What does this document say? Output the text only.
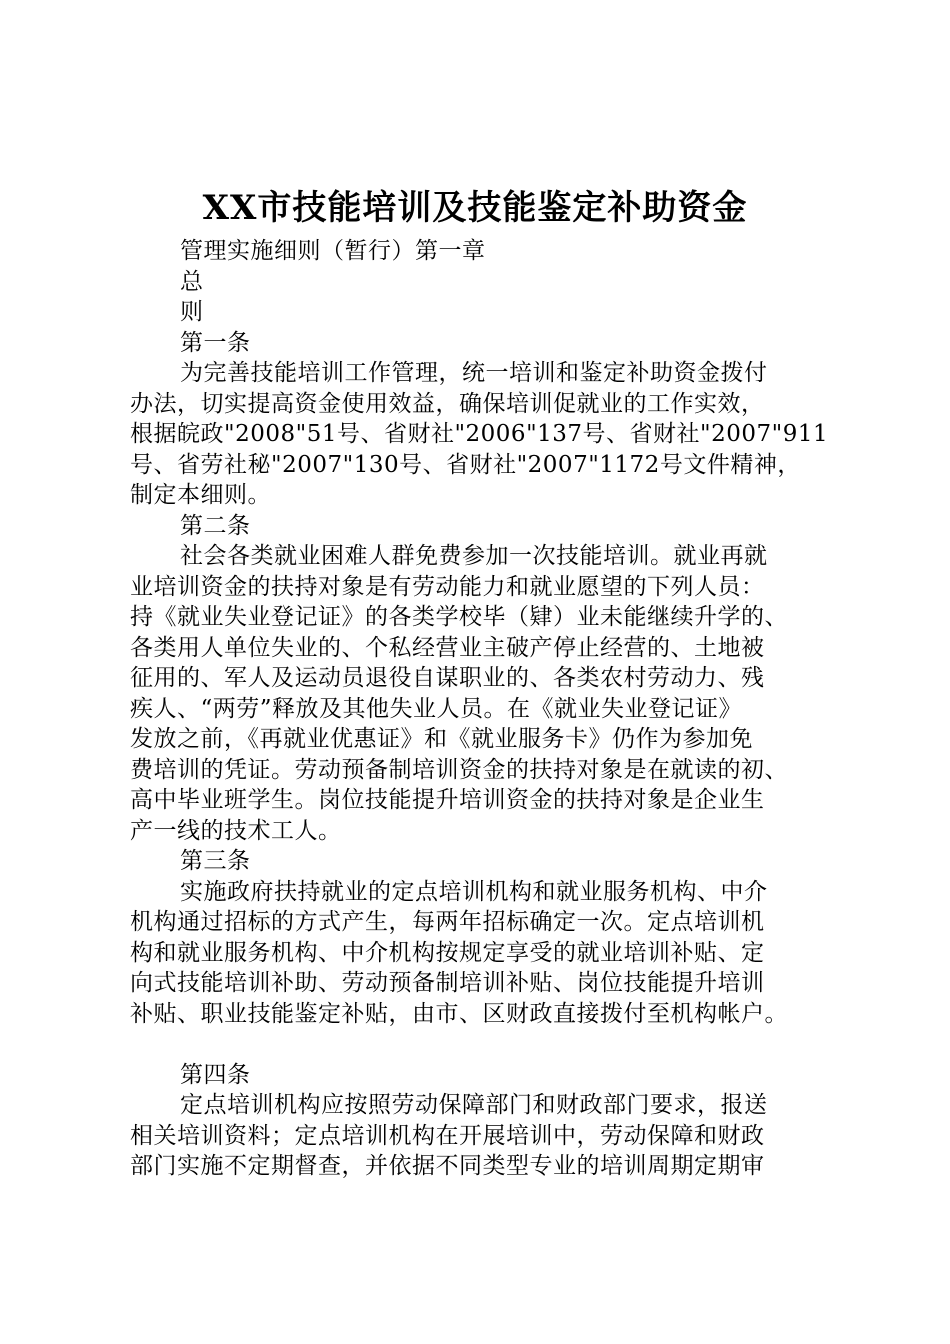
XX市技能培训及技能鉴定补助资金
管理实施细则（暂行）第一章
总
则
第一条
为完善技能培训工作管理，统一培训和鉴定补助资金拨付
办法，切实提高资金使用效益，确保培训促就业的工作实效，
根据皖政"2008"51号、省财社"2006"137号、省财社"2007"911
号、省劳社秘"2007"130号、省财社"2007"1172号文件精神，
制定本细则。
第二条
社会各类就业困难人群免费参加一次技能培训。就业再就
业培训资金的扶持对象是有劳动能力和就业愿望的下列人员：
持《就业失业登记证》的各类学校毕（肄）业未能继续升学的、
各类用人单位失业的、个私经营业主破产停止经营的、土地被
征用的、军人及运动员退役自谋职业的、各类农村劳动力、残
疾人、“两劳”释放及其他失业人员。在《就业失业登记证》
发放之前，《再就业优惠证》和《就业服务卡》仍作为参加免
费培训的凭证。劳动预备制培训资金的扶持对象是在就读的初、
高中毕业班学生。岗位技能提升培训资金的扶持对象是企业生
产一线的技术工人。
第三条
实施政府扶持就业的定点培训机构和就业服务机构、中介
机构通过招标的方式产生，每两年招标确定一次。定点培训机
构和就业服务机构、中介机构按规定享受的就业培训补贴、定
向式技能培训补助、劳动预备制培训补贴、岗位技能提升培训
补贴、职业技能鉴定补贴，由市、区财政直接拨付至机构帐户。
第四条
定点培训机构应按照劳动保障部门和财政部门要求，报送
相关培训资料；定点培训机构在开展培训中，劳动保障和财政
部门实施不定期督查，并依据不同类型专业的培训周期定期审
